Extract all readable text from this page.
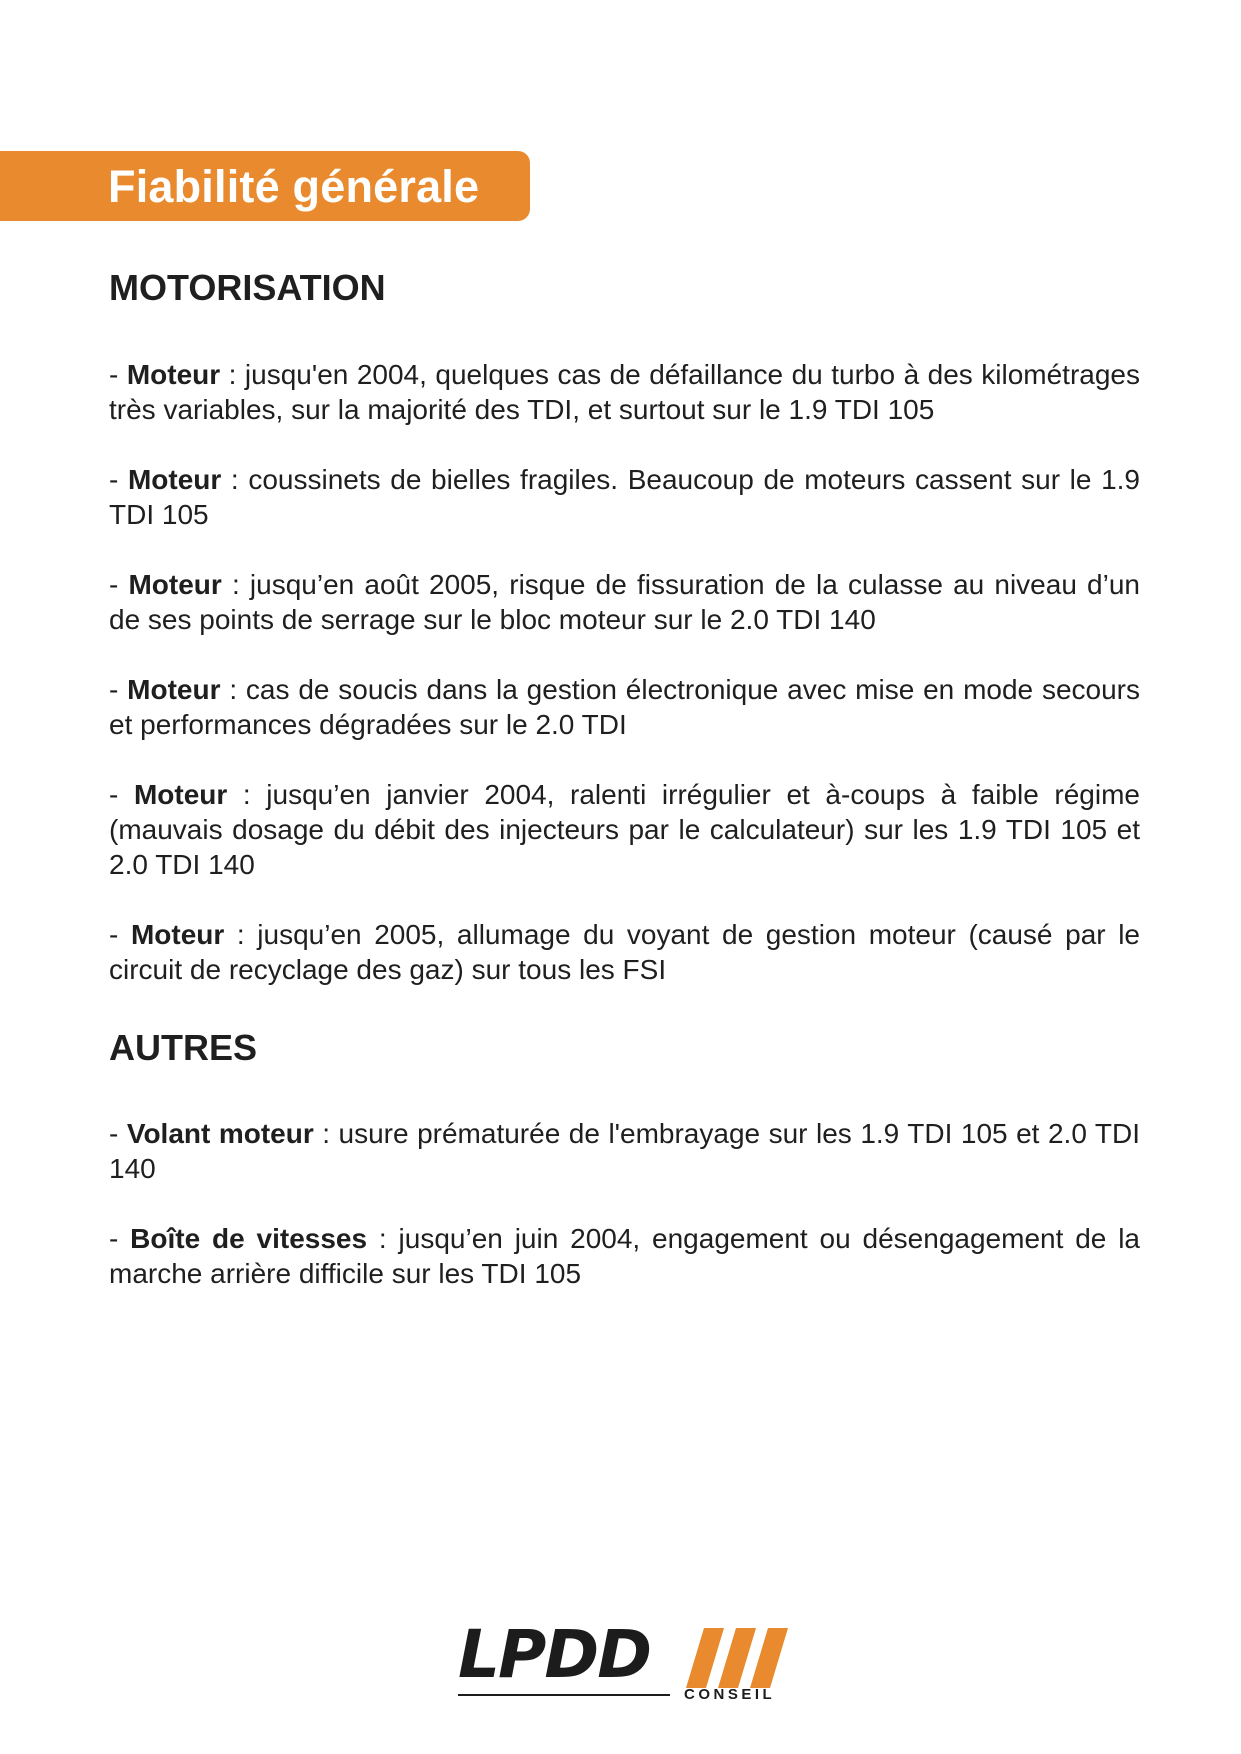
Fiabilité générale
MOTORISATION

- Moteur : jusqu'en 2004, quelques cas de défaillance du turbo à des kilométrages très variables, sur la majorité des TDI, et surtout sur le 1.9 TDI 105

- Moteur : coussinets de bielles fragiles. Beaucoup de moteurs cassent sur le 1.9 TDI 105

- Moteur : jusqu’en août 2005, risque de fissuration de la culasse au niveau d’un de ses points de serrage sur le bloc moteur sur le 2.0 TDI 140

- Moteur : cas de soucis dans la gestion électronique avec mise en mode secours et performances dégradées sur le 2.0 TDI

- Moteur : jusqu’en janvier 2004, ralenti irrégulier et à-coups à faible régime (mauvais dosage du débit des injecteurs par le calculateur) sur les 1.9 TDI 105 et 2.0 TDI 140

- Moteur : jusqu’en 2005, allumage du voyant de gestion moteur (causé par le circuit de recyclage des gaz) sur tous les FSI

AUTRES

- Volant moteur : usure prématurée de l'embrayage sur les 1.9 TDI 105 et 2.0 TDI 140

- Boîte de vitesses : jusqu’en juin 2004, engagement ou désengagement de la marche arrière difficile sur les TDI 105

LPDD
CONSEIL
